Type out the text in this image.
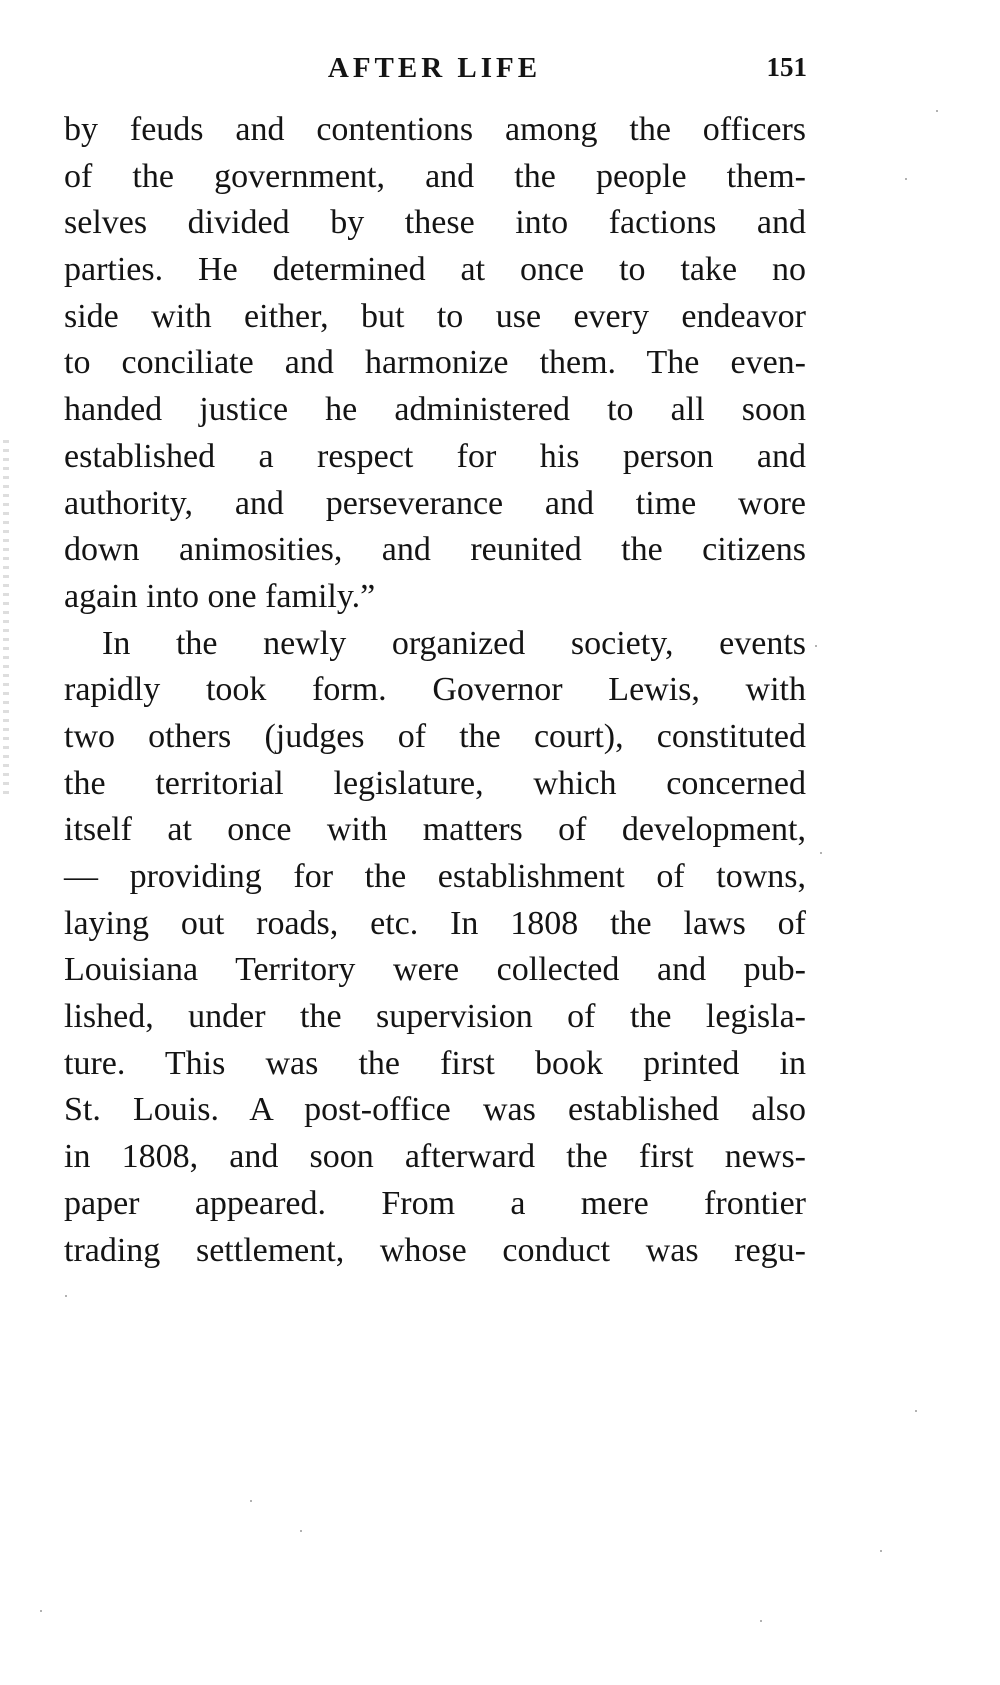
AFTER LIFE	151
by feuds and contentions among the officers
of the government, and the people them-
selves divided by these into factions and
parties. He determined at once to take no
side with either, but to use every endeavor
to conciliate and harmonize them. The even-
handed justice he administered to all soon
established a respect for his person and
authority, and perseverance and time wore
down animosities, and reunited the citizens
again into one family.”
In the newly organized society, events
rapidly took form. Governor Lewis, with
two others (judges of the court), constituted
the territorial legislature, which concerned
itself at once with matters of development,
— providing for the establishment of towns,
laying out roads, etc. In 1808 the laws of
Louisiana Territory were collected and pub-
lished, under the supervision of the legisla-
ture. This was the first book printed in
St. Louis. A post-office was established also
in 1808, and soon afterward the first news-
paper appeared. From a mere frontier
trading settlement, whose conduct was regu-
